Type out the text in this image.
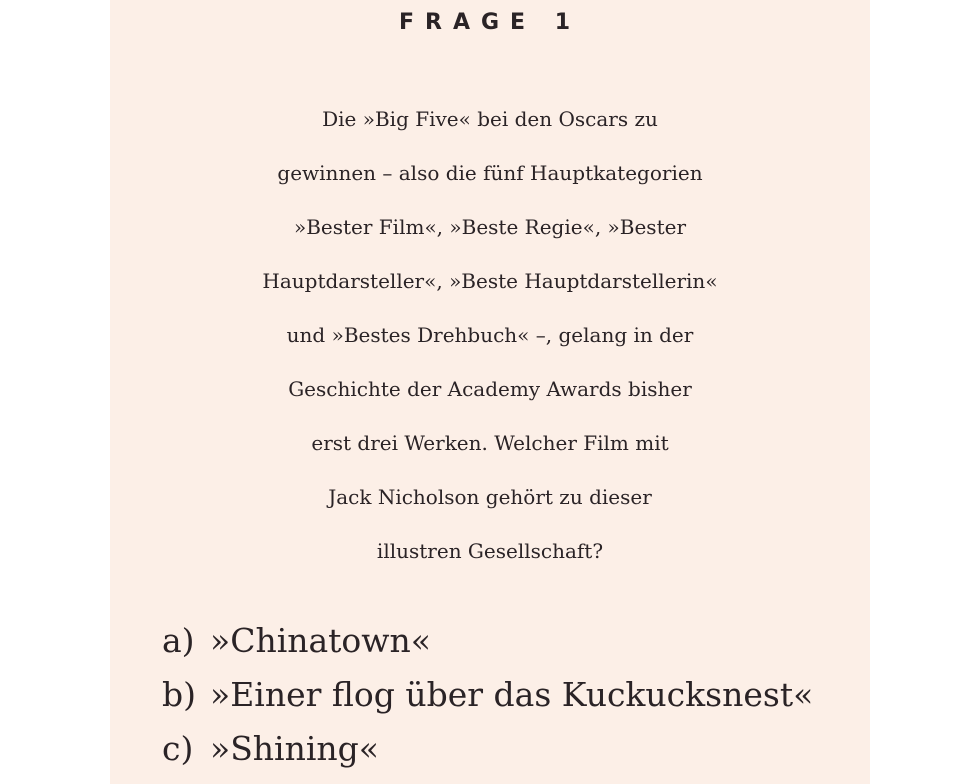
FRAGE 1

Die »Big Five« bei den Oscars zu
gewinnen – also die fünf Hauptkategorien
»Bester Film«, »Beste Regie«, »Bester
Hauptdarsteller«, »Beste Hauptdarstellerin«
und »Bestes Drehbuch« –, gelang in der
Geschichte der Academy Awards bisher
erst drei Werken. Welcher Film mit
Jack Nicholson gehört zu dieser
illustren Gesellschaft?

a) »Chinatown«
b) »Einer flog über das Kuckucksnest«
c) »Shining«
